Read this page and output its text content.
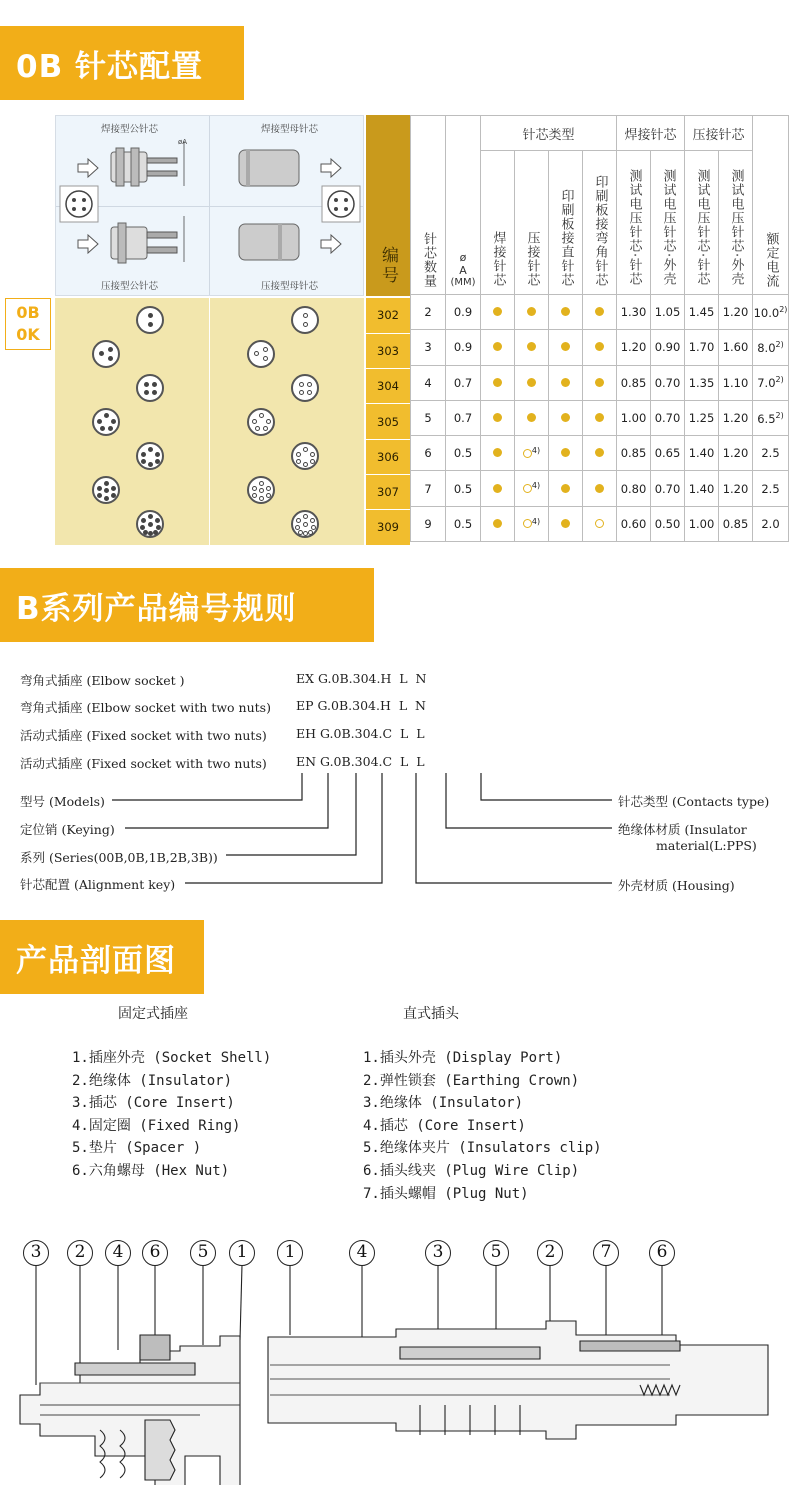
0B 针芯配置
焊接型公针芯	焊接型母针芯
压接型公针芯	压接型母针芯
øA
编号	针芯数量	ø
A
(MM)	针芯类型				焊接针芯		压接针芯		额定电流

		焊接针芯	压接针芯	印刷板接直针芯	印刷板接弯角针芯	测试电压针芯·针芯	测试电压针芯·外壳	测试电压针芯·针芯	测试电压针芯·外壳	

2	0.9					1.30	1.05	1.45	1.20	10.0$^{2)}$
3	0.9					1.20	0.90	1.70	1.60	8.0$^{2)}$
4	0.7					0.85	0.70	1.35	1.10	7.0$^{2)}$
5	0.7					1.00	0.70	1.25	1.20	6.5$^{2)}$
6	0.5		$^{4)}$			0.85	0.65	1.40	1.20	2.5
7	0.5		$^{4)}$			0.80	0.70	1.40	1.20	2.5
9	0.5		$^{4)}$			0.60	0.50	1.00	0.85	2.0
302
303
304
305
306
307
309
0B
0K
B系列产品编号规则
弯角式插座 (Elbow socket )	EX G.0B.304.H  L  N
弯角式插座 (Elbow socket with two nuts) EP G.0B.304.H  L  N
活动式插座 (Fixed socket with two nuts) EH G.0B.304.C  L  L
活动式插座 (Fixed socket with two nuts) EN G.0B.304.C  L  L
型号 (Models)
定位销 (Keying)
系列 (Series(00B,0B,1B,2B,3B))
针芯配置 (Alignment key)
针芯类型 (Contacts type)
绝缘体材质 (Insulator
material(L:PPS)
外壳材质 (Housing)
产品剖面图
固定式插座	直式插头
1.插座外壳 (Socket Shell)
2.绝缘体 (Insulator)
3.插芯 (Core Insert)
4.固定圈 (Fixed Ring)
5.垫片 (Spacer )
6.六角螺母 (Hex Nut)
1.插头外壳 (Display Port)
2.弹性锁套 (Earthing Crown)
3.绝缘体 (Insulator)
4.插芯 (Core Insert)
5.绝缘体夹片 (Insulators clip)
6.插头线夹 (Plug Wire Clip)
7.插头螺帽 (Plug Nut)
3	2	4	6	5	1	1	4	3	5	2	7	6
